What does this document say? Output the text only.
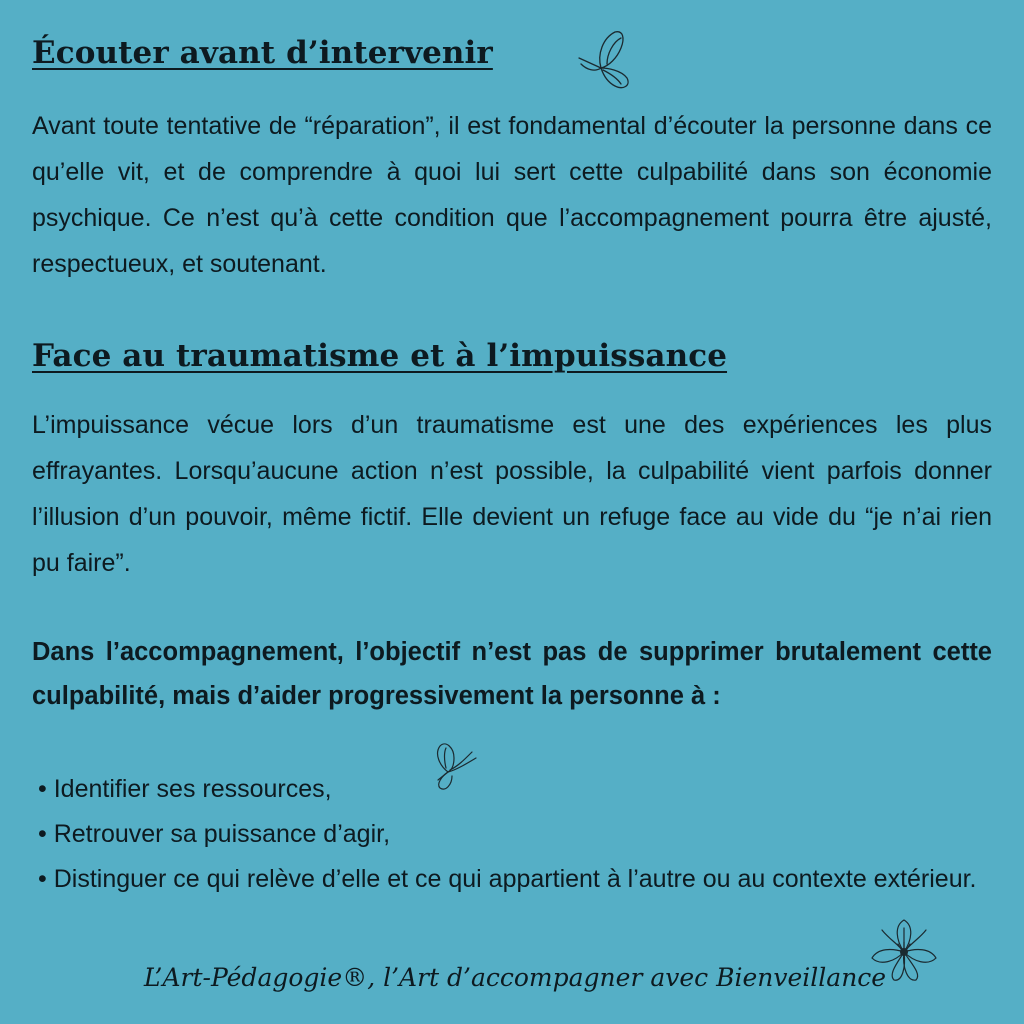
Écouter avant d’intervenir

Avant toute tentative de “réparation”, il est fondamental d’écouter la personne dans ce qu’elle vit, et de comprendre à quoi lui sert cette culpabilité dans son économie psychique. Ce n’est qu’à cette condition que l’accompagnement pourra être ajusté, respectueux, et soutenant.

Face au traumatisme et à l’impuissance

L’impuissance vécue lors d’un traumatisme est une des expériences les plus effrayantes. Lorsqu’aucune action n’est possible, la culpabilité vient parfois donner l’illusion d’un pouvoir, même fictif. Elle devient un refuge face au vide du “je n’ai rien pu faire”.

Dans l’accompagnement, l’objectif n’est pas de supprimer brutalement cette culpabilité, mais d’aider progressivement la personne à :

• Identifier ses ressources,
• Retrouver sa puissance d’agir,
• Distinguer ce qui relève d’elle et ce qui appartient à l’autre ou au contexte extérieur.
L’Art-Pédagogie®, l’Art d’accompagner avec Bienveillance
